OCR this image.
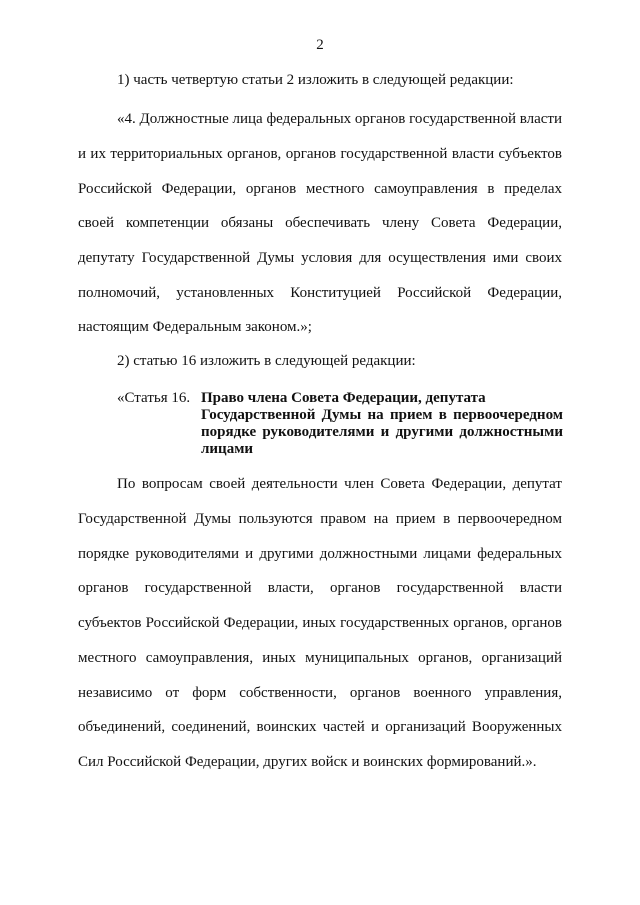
2
1) часть четвертую статьи 2 изложить в следующей редакции:
«4. Должностные лица федеральных органов государственной власти
и их территориальных органов, органов государственной власти субъектов
Российской Федерации, органов местного самоуправления в пределах
своей компетенции обязаны обеспечивать члену Совета Федерации,
депутату Государственной Думы условия для осуществления ими своих
полномочий, установленных Конституцией Российской Федерации,
настоящим Федеральным законом.»;
2) статью 16 изложить в следующей редакции:
«Статья 16. Право члена Совета Федерации, депутата
Государственной Думы на прием в первоочередном
порядке руководителями и другими должностными
лицами
По вопросам своей деятельности член Совета Федерации, депутат
Государственной Думы пользуются правом на прием в первоочередном
порядке руководителями и другими должностными лицами федеральных
органов государственной власти, органов государственной власти
субъектов Российской Федерации, иных государственных органов, органов
местного самоуправления, иных муниципальных органов, организаций
независимо от форм собственности, органов военного управления,
объединений, соединений, воинских частей и организаций Вооруженных
Сил Российской Федерации, других войск и воинских формирований.».
